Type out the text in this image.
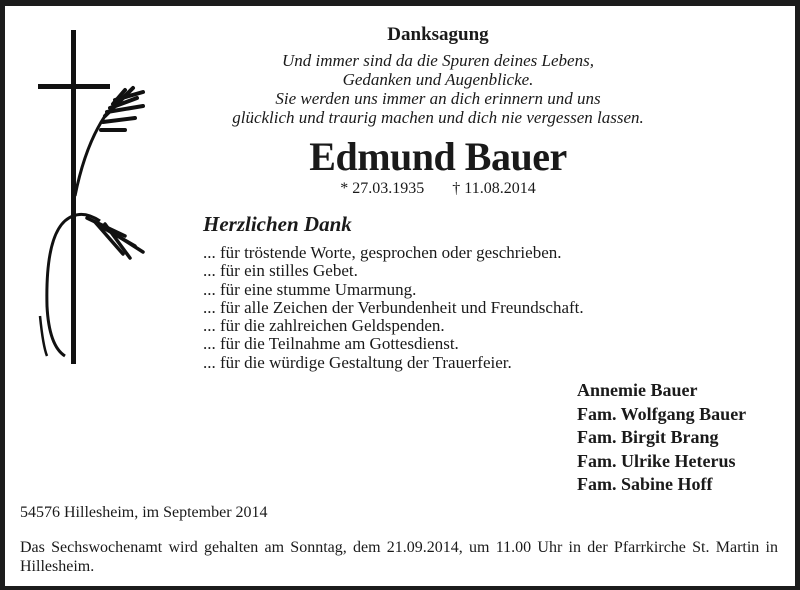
Danksagung
Und immer sind da die Spuren deines Lebens,
Gedanken und Augenblicke.
Sie werden uns immer an dich erinnern und uns
glücklich und traurig machen und dich nie vergessen lassen.
Edmund Bauer
* 27.03.1935 † 11.08.2014
Herzlichen Dank
... für tröstende Worte, gesprochen oder geschrieben.
... für ein stilles Gebet.
... für eine stumme Umarmung.
... für alle Zeichen der Verbundenheit und Freundschaft.
... für die zahlreichen Geldspenden.
... für die Teilnahme am Gottesdienst.
... für die würdige Gestaltung der Trauerfeier.
Annemie Bauer
Fam. Wolfgang Bauer
Fam. Birgit Brang
Fam. Ulrike Heterus
Fam. Sabine Hoff
54576 Hillesheim, im September 2014
Das Sechswochenamt wird gehalten am Sonntag, dem 21.09.2014, um 11.00 Uhr in der Pfarrkirche St. Martin in Hillesheim.
